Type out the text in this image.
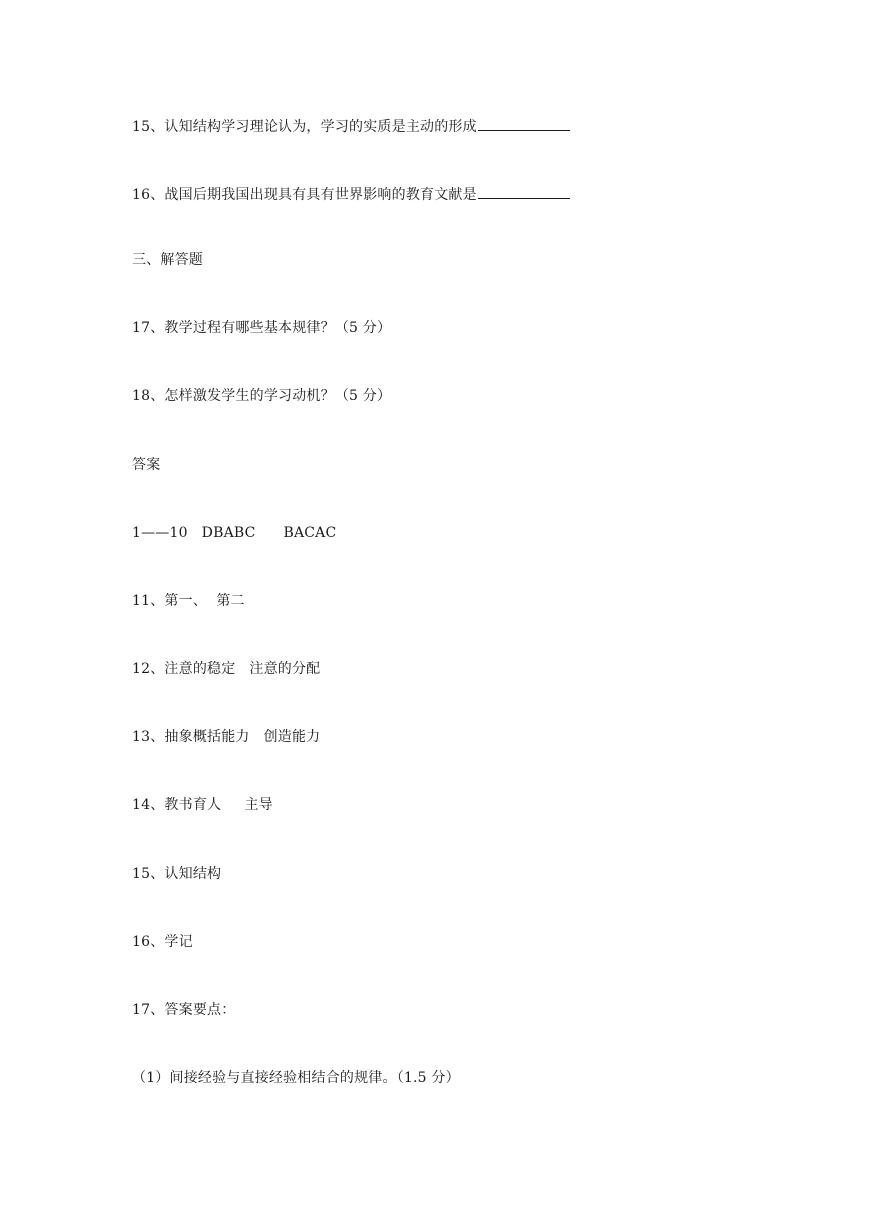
15、认知结构学习理论认为，学习的实质是主动的形成
16、战国后期我国出现具有具有世界影响的教育文献是
三、解答题
17、教学过程有哪些基本规律？（5 分）
18、怎样激发学生的学习动机？（5 分）
答案
1——10   DBABC      BACAC
11、第一、  第二
12、注意的稳定   注意的分配
13、抽象概括能力   创造能力
14、教书育人     主导
15、认知结构
16、学记
17、答案要点：
（1）间接经验与直接经验相结合的规律。（1.5 分）
